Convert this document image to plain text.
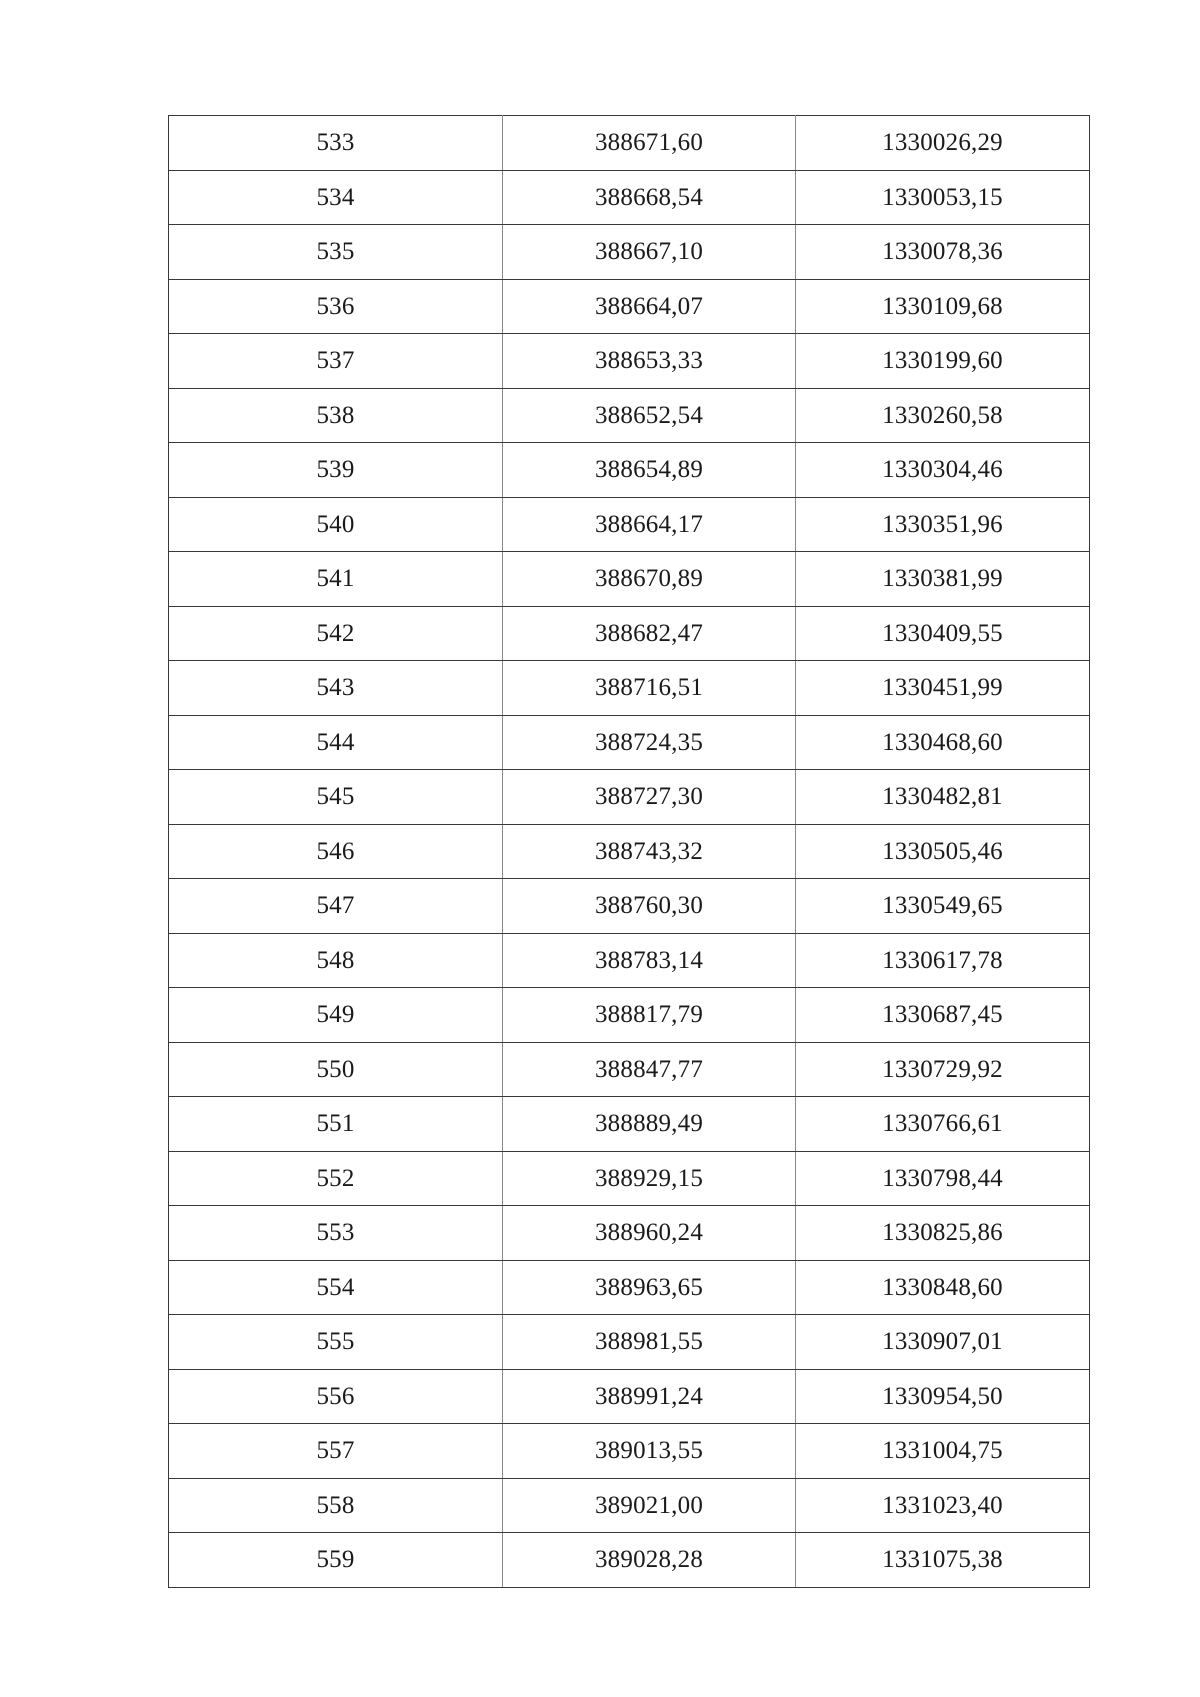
533	388671,60	1330026,29
534	388668,54	1330053,15
535	388667,10	1330078,36
536	388664,07	1330109,68
537	388653,33	1330199,60
538	388652,54	1330260,58
539	388654,89	1330304,46
540	388664,17	1330351,96
541	388670,89	1330381,99
542	388682,47	1330409,55
543	388716,51	1330451,99
544	388724,35	1330468,60
545	388727,30	1330482,81
546	388743,32	1330505,46
547	388760,30	1330549,65
548	388783,14	1330617,78
549	388817,79	1330687,45
550	388847,77	1330729,92
551	388889,49	1330766,61
552	388929,15	1330798,44
553	388960,24	1330825,86
554	388963,65	1330848,60
555	388981,55	1330907,01
556	388991,24	1330954,50
557	389013,55	1331004,75
558	389021,00	1331023,40
559	389028,28	1331075,38
